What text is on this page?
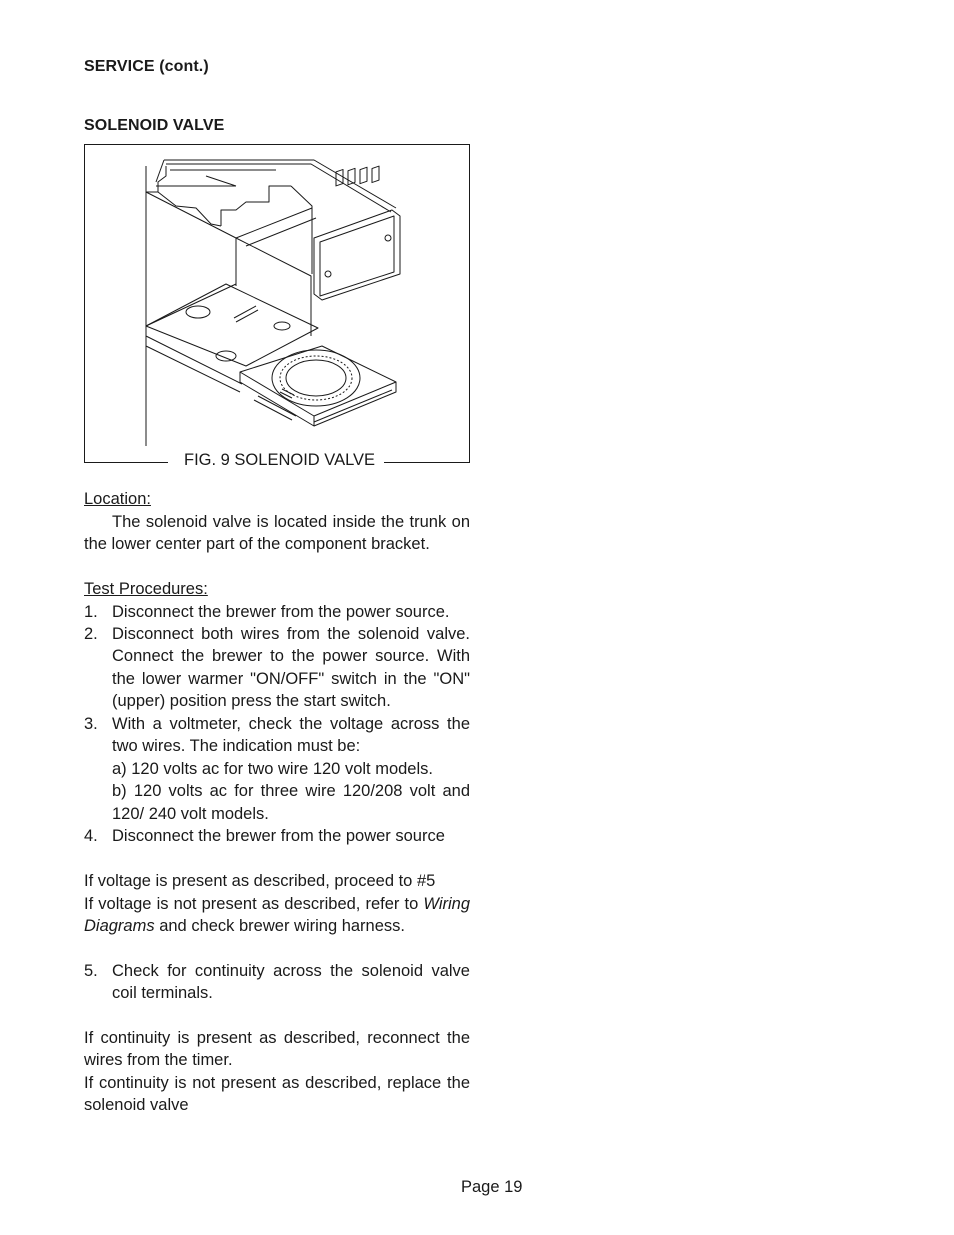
SERVICE (cont.)
SOLENOID VALVE
FIG. 9 SOLENOID VALVE
Location:
The solenoid valve is located inside the trunk on the lower center part of the component bracket.
Test Procedures:
1. Disconnect the brewer from the power source.
2. Disconnect both wires from the solenoid valve. Connect the brewer to the power source. With the lower warmer "ON/OFF" switch in the "ON" (upper) position press the start switch.
3. With a voltmeter, check the voltage across the two wires. The indication must be:
a) 120 volts ac for two wire 120 volt models.
b) 120 volts ac for three wire 120/208 volt and 120/ 240 volt models.
4. Disconnect the brewer from the power source
If voltage is present as described, proceed to #5
If voltage is not present as described, refer to Wiring Diagrams and check brewer wiring harness.
5. Check for continuity across the solenoid valve coil terminals.
If continuity is present as described, reconnect the wires from the timer.
If continuity is not present as described, replace the solenoid valve
Page 19
